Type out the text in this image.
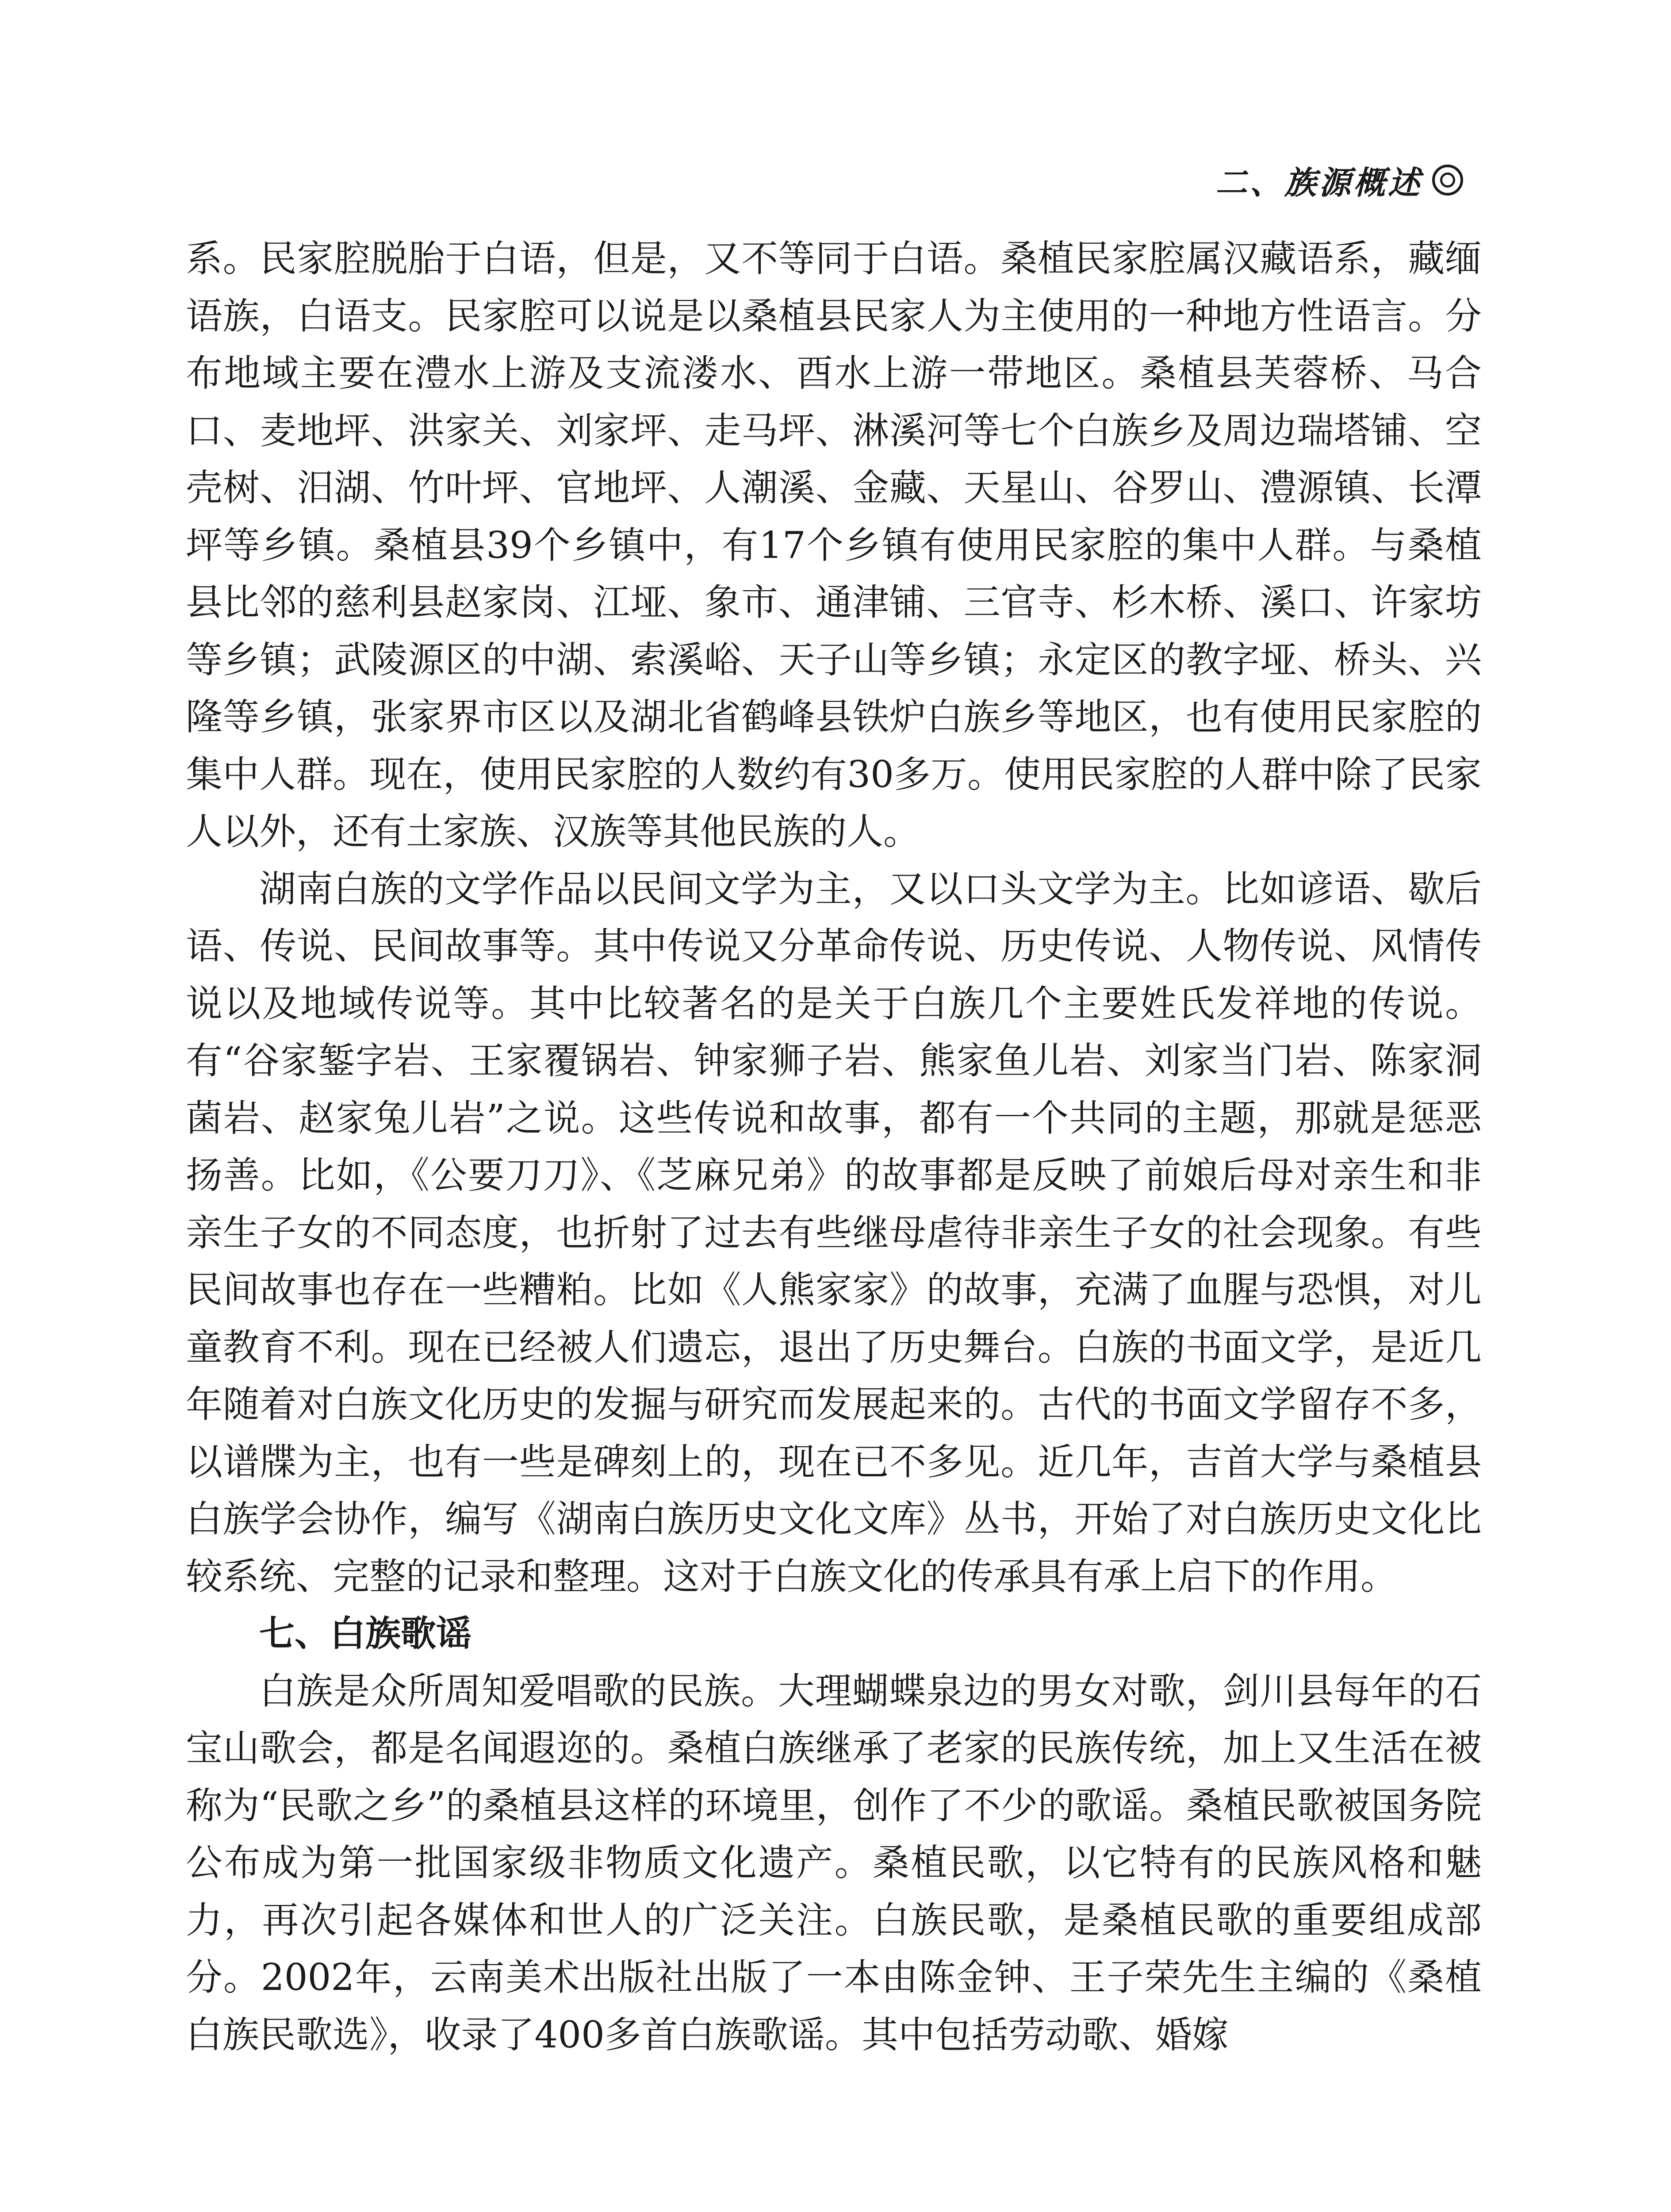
二、族源概述

系。民家腔脱胎于白语，但是，又不等同于白语。桑植民家腔属汉藏语系，藏缅语族，白语支。民家腔可以说是以桑植县民家人为主使用的一种地方性语言。分布地域主要在澧水上游及支流溇水、酉水上游一带地区。桑植县芙蓉桥、马合口、麦地坪、洪家关、刘家坪、走马坪、淋溪河等七个白族乡及周边瑞塔铺、空壳树、汨湖、竹叶坪、官地坪、人潮溪、金藏、天星山、谷罗山、澧源镇、长潭坪等乡镇。桑植县39个乡镇中，有17个乡镇有使用民家腔的集中人群。与桑植县比邻的慈利县赵家岗、江垭、象市、通津铺、三官寺、杉木桥、溪口、许家坊等乡镇；武陵源区的中湖、索溪峪、天子山等乡镇；永定区的教字垭、桥头、兴隆等乡镇，张家界市区以及湖北省鹤峰县铁炉白族乡等地区，也有使用民家腔的集中人群。现在，使用民家腔的人数约有30多万。使用民家腔的人群中除了民家人以外，还有土家族、汉族等其他民族的人。

湖南白族的文学作品以民间文学为主，又以口头文学为主。比如谚语、歇后语、传说、民间故事等。其中传说又分革命传说、历史传说、人物传说、风情传说以及地域传说等。其中比较著名的是关于白族几个主要姓氏发祥地的传说。有“谷家錾字岩、王家覆锅岩、钟家狮子岩、熊家鱼儿岩、刘家当门岩、陈家洞菌岩、赵家兔儿岩”之说。这些传说和故事，都有一个共同的主题，那就是惩恶扬善。比如，《公要刀刀》、《芝麻兄弟》的故事都是反映了前娘后母对亲生和非亲生子女的不同态度，也折射了过去有些继母虐待非亲生子女的社会现象。有些民间故事也存在一些糟粕。比如《人熊家家》的故事，充满了血腥与恐惧，对儿童教育不利。现在已经被人们遗忘，退出了历史舞台。白族的书面文学，是近几年随着对白族文化历史的发掘与研究而发展起来的。古代的书面文学留存不多，以谱牒为主，也有一些是碑刻上的，现在已不多见。近几年，吉首大学与桑植县白族学会协作，编写《湖南白族历史文化文库》丛书，开始了对白族历史文化比较系统、完整的记录和整理。这对于白族文化的传承具有承上启下的作用。

七、白族歌谣

白族是众所周知爱唱歌的民族。大理蝴蝶泉边的男女对歌，剑川县每年的石宝山歌会，都是名闻遐迩的。桑植白族继承了老家的民族传统，加上又生活在被称为“民歌之乡”的桑植县这样的环境里，创作了不少的歌谣。桑植民歌被国务院公布成为第一批国家级非物质文化遗产。桑植民歌，以它特有的民族风格和魅力，再次引起各媒体和世人的广泛关注。白族民歌，是桑植民歌的重要组成部分。2002年，云南美术出版社出版了一本由陈金钟、王子荣先生主编的《桑植白族民歌选》，收录了400多首白族歌谣。其中包括劳动歌、婚嫁
